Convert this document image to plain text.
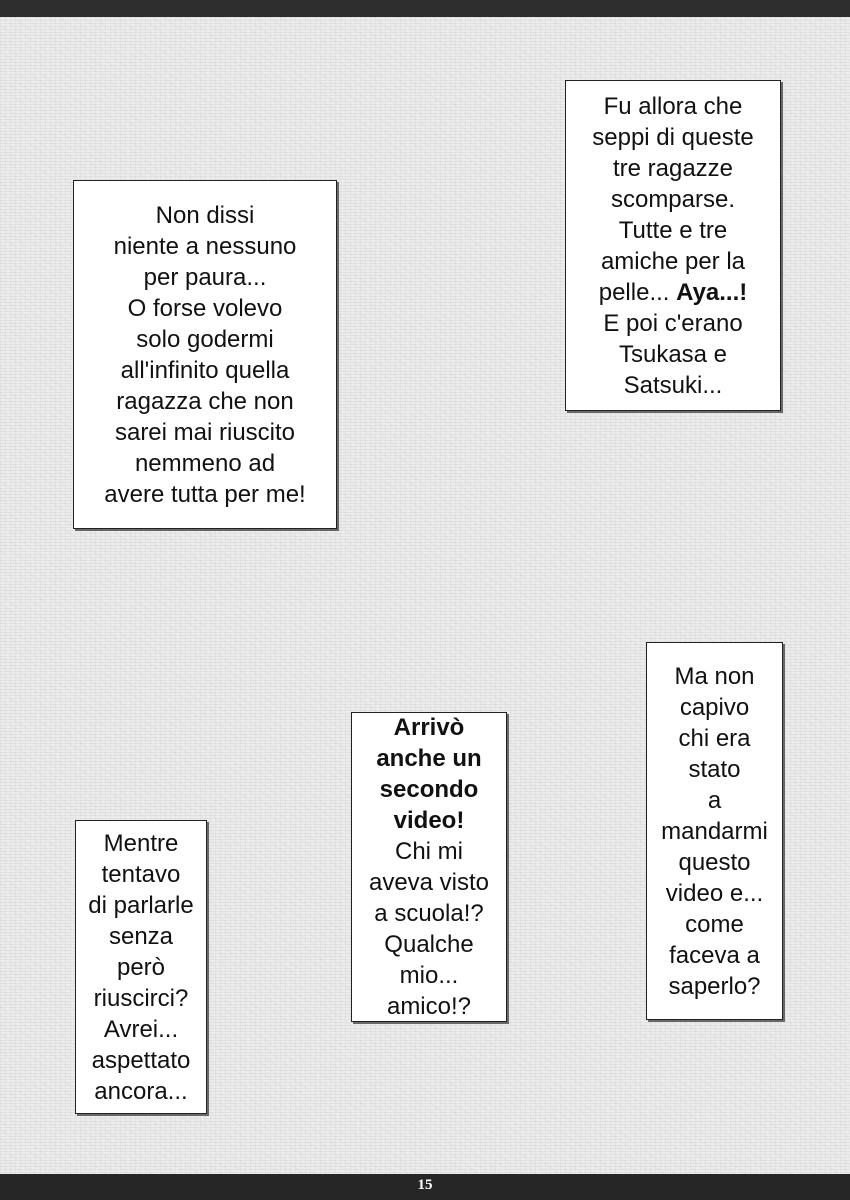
Non dissi
niente a nessuno
per paura...
O forse volevo
solo godermi
all'infinito quella
ragazza che non
sarei mai riuscito
nemmeno ad
avere tutta per me!
Fu allora che
seppi di queste
tre ragazze
scomparse.
Tutte e tre
amiche per la
pelle... Aya...!
E poi c'erano
Tsukasa e
Satsuki...
Ma non
capivo
chi era
stato
a
mandarmi
questo
video e...
come
faceva a
saperlo?
Arrivò
anche un
secondo
video!
Chi mi
aveva visto
a scuola!?
Qualche
mio...
amico!?
Mentre
tentavo
di parlarle
senza
però
riuscirci?
Avrei...
aspettato
ancora...
15
